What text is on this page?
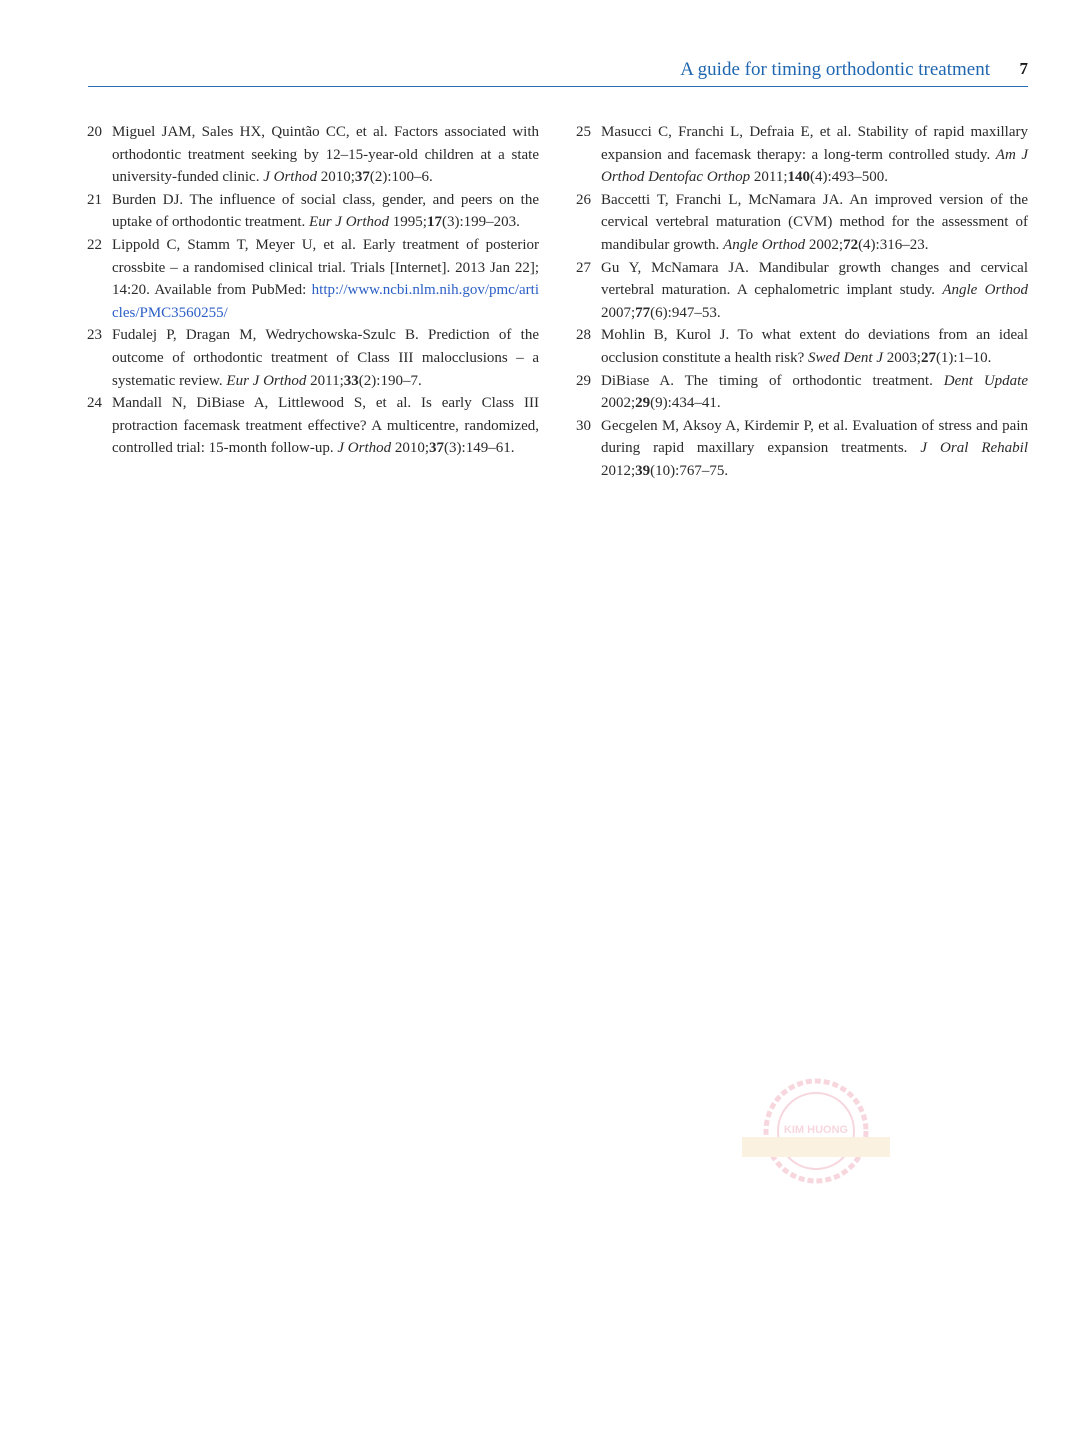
A guide for timing orthodontic treatment 7

20 Miguel JAM, Sales HX, Quintão CC, et al. Factors associated with orthodontic treatment seeking by 12–15-year-old children at a state university-funded clinic. J Orthod 2010;37(2):100–6.

21 Burden DJ. The influence of social class, gender, and peers on the uptake of orthodontic treatment. Eur J Orthod 1995;17(3):199–203.

22 Lippold C, Stamm T, Meyer U, et al. Early treatment of posterior crossbite – a randomised clinical trial. Trials [Internet]. 2013 Jan 22]; 14:20. Available from PubMed: http://www.ncbi.nlm.nih.gov/pmc/articles/PMC3560255/

23 Fudalej P, Dragan M, Wedrychowska-Szulc B. Prediction of the outcome of orthodontic treatment of Class III malocclusions – a systematic review. Eur J Orthod 2011;33(2):190–7.

24 Mandall N, DiBiase A, Littlewood S, et al. Is early Class III protraction facemask treatment effective? A multicentre, randomized, controlled trial: 15-month follow-up. J Orthod 2010;37(3):149–61.

25 Masucci C, Franchi L, Defraia E, et al. Stability of rapid maxillary expansion and facemask therapy: a long-term controlled study. Am J Orthod Dentofac Orthop 2011;140(4):493–500.

26 Baccetti T, Franchi L, McNamara JA. An improved version of the cervical vertebral maturation (CVM) method for the assessment of mandibular growth. Angle Orthod 2002;72(4):316–23.

27 Gu Y, McNamara JA. Mandibular growth changes and cervical vertebral maturation. A cephalometric implant study. Angle Orthod 2007;77(6):947–53.

28 Mohlin B, Kurol J. To what extent do deviations from an ideal occlusion constitute a health risk? Swed Dent J 2003;27(1):1–10.

29 DiBiase A. The timing of orthodontic treatment. Dent Update 2002;29(9):434–41.

30 Gecgelen M, Aksoy A, Kirdemir P, et al. Evaluation of stress and pain during rapid maxillary expansion treatments. J Oral Rehabil 2012;39(10):767–75.

KIM HUONG
